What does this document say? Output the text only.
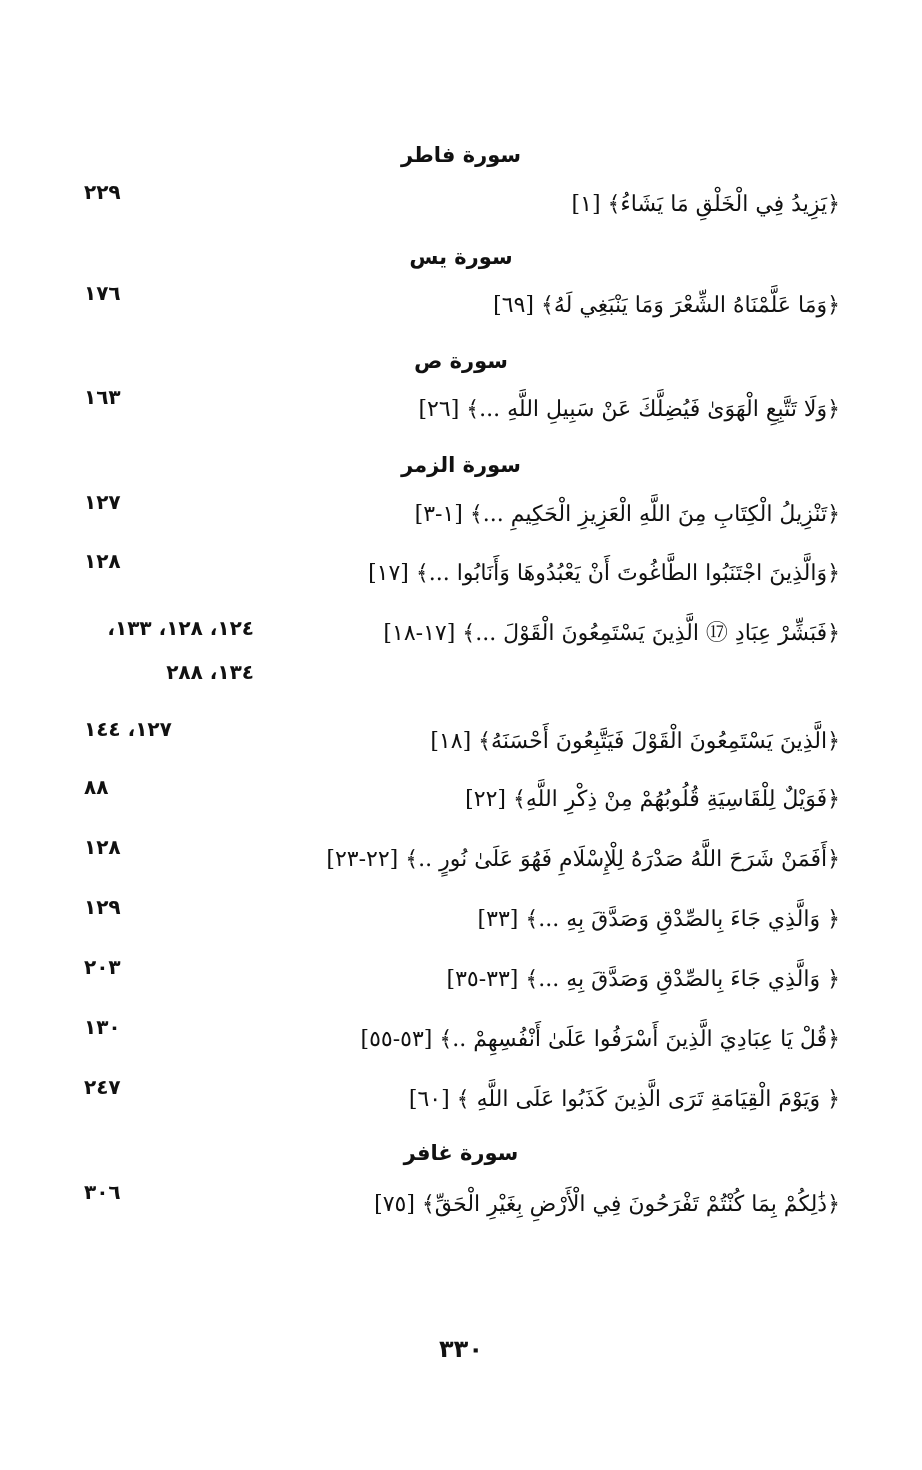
سورة فاطر
﴿يَزِيدُ فِي الْخَلْقِ مَا يَشَاءُ﴾ [١]
٢٢٩
سورة يس
﴿وَمَا عَلَّمْنَاهُ الشِّعْرَ وَمَا يَنْبَغِي لَهُ﴾ [٦٩]
١٧٦
سورة ص
﴿وَلَا تَتَّبِعِ الْهَوَىٰ فَيُضِلَّكَ عَنْ سَبِيلِ اللَّهِ ...﴾ [٢٦]
١٦٣
سورة الزمر
﴿تَنْزِيلُ الْكِتَابِ مِنَ اللَّهِ الْعَزِيزِ الْحَكِيمِ ...﴾ [١-٣]
١٢٧
﴿وَالَّذِينَ اجْتَنَبُوا الطَّاغُوتَ أَنْ يَعْبُدُوهَا وَأَنَابُوا ...﴾ [١٧]
١٢٨
﴿فَبَشِّرْ عِبَادِ ⑰ الَّذِينَ يَسْتَمِعُونَ الْقَوْلَ ...﴾ [١٧-١٨]
١٢٤، ١٢٨، ١٣٣، ١٣٤، ٢٨٨
﴿الَّذِينَ يَسْتَمِعُونَ الْقَوْلَ فَيَتَّبِعُونَ أَحْسَنَهُ﴾ [١٨]
١٢٧، ١٤٤
﴿فَوَيْلٌ لِلْقَاسِيَةِ قُلُوبُهُمْ مِنْ ذِكْرِ اللَّهِ﴾ [٢٢]
٨٨
﴿أَفَمَنْ شَرَحَ اللَّهُ صَدْرَهُ لِلْإِسْلَامِ فَهُوَ عَلَىٰ نُورٍ ..﴾ [٢٢-٢٣]
١٢٨
﴿ وَالَّذِي جَاءَ بِالصِّدْقِ وَصَدَّقَ بِهِ ...﴾ [٣٣]
١٢٩
﴿ وَالَّذِي جَاءَ بِالصِّدْقِ وَصَدَّقَ بِهِ ...﴾ [٣٣-٣٥]
٢٠٣
﴿قُلْ يَا عِبَادِيَ الَّذِينَ أَسْرَفُوا عَلَىٰ أَنْفُسِهِمْ ..﴾ [٥٣-٥٥]
١٣٠
﴿ وَيَوْمَ الْقِيَامَةِ تَرَى الَّذِينَ كَذَبُوا عَلَى اللَّهِ ﴾ [٦٠]
٢٤٧
سورة غافر
﴿ذَٰلِكُمْ بِمَا كُنْتُمْ تَفْرَحُونَ فِي الْأَرْضِ بِغَيْرِ الْحَقِّ﴾ [٧٥]
٣٠٦
٣٣٠
